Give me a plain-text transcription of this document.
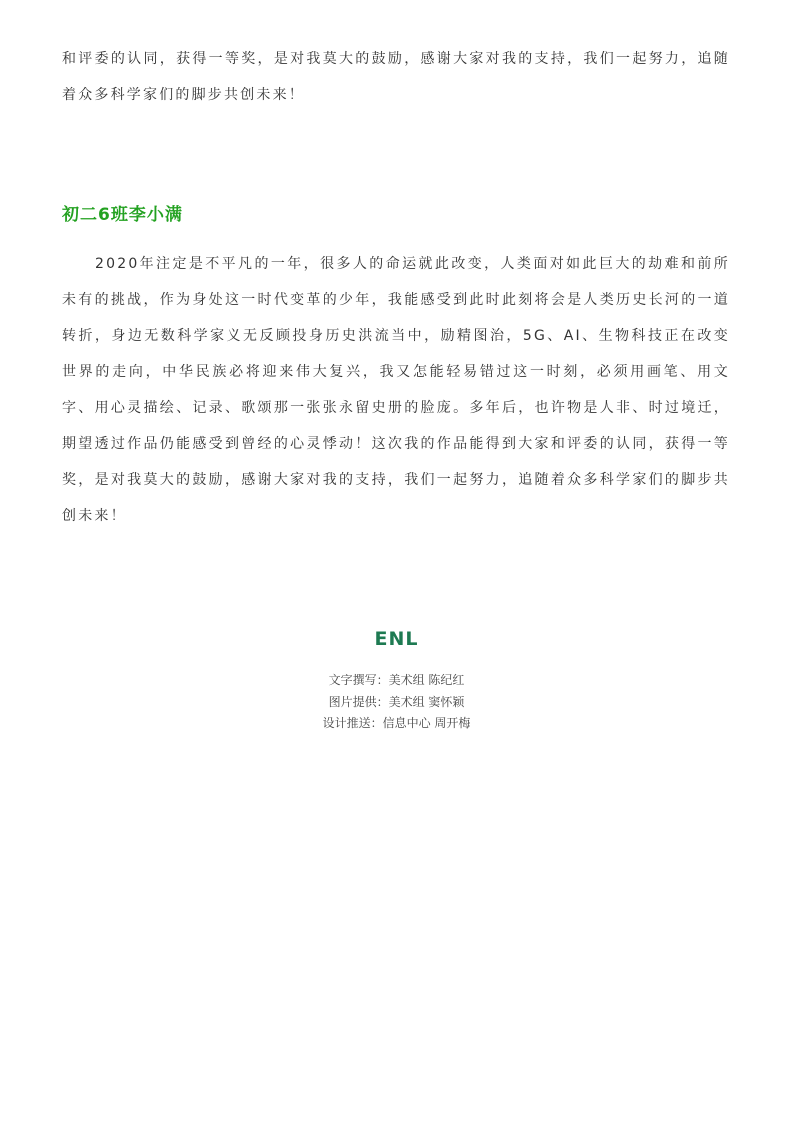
和评委的认同，获得一等奖，是对我莫大的鼓励，感谢大家对我的支持，我们一起努力，追随着众多科学家们的脚步共创未来！

初二6班李小满

2020年注定是不平凡的一年，很多人的命运就此改变，人类面对如此巨大的劫难和前所未有的挑战，作为身处这一时代变革的少年，我能感受到此时此刻将会是人类历史长河的一道转折，身边无数科学家义无反顾投身历史洪流当中，励精图治，5G、AI、生物科技正在改变世界的走向，中华民族必将迎来伟大复兴，我又怎能轻易错过这一时刻，必须用画笔、用文字、用心灵描绘、记录、歌颂那一张张永留史册的脸庞。多年后，也许物是人非、时过境迁，期望透过作品仍能感受到曾经的心灵悸动！这次我的作品能得到大家和评委的认同，获得一等奖，是对我莫大的鼓励，感谢大家对我的支持，我们一起努力，追随着众多科学家们的脚步共创未来！

ENL
文字撰写：美术组 陈纪红
图片提供：美术组 窦怀颖
设计推送：信息中心 周开梅
